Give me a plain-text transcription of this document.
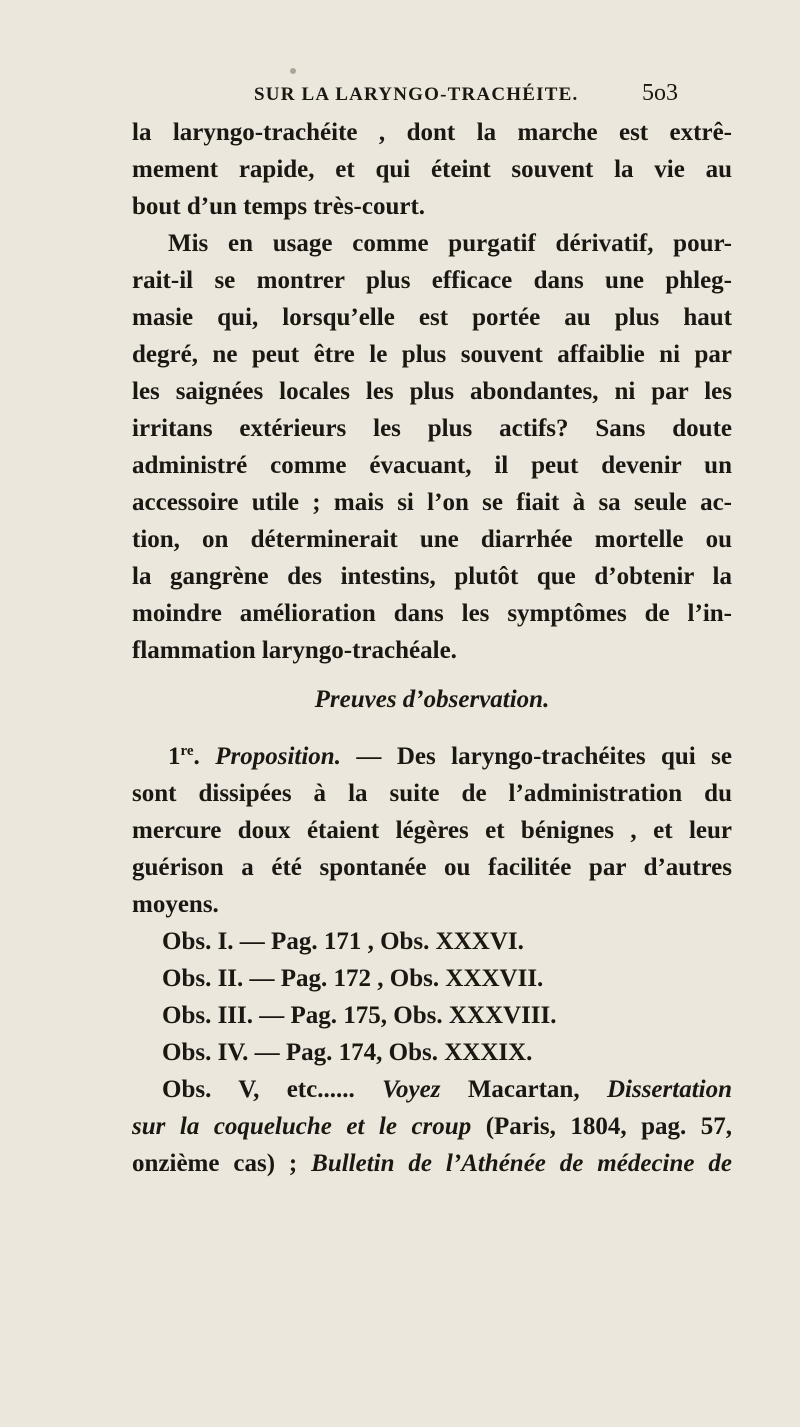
SUR LA LARYNGO-TRACHÉITE.	5o3
la laryngo-trachéite , dont la marche est extrê-
mement rapide, et qui éteint souvent la vie au
bout d’un temps très-court.
Mis en usage comme purgatif dérivatif, pour-
rait-il se montrer plus efficace dans une phleg-
masie qui, lorsqu’elle est portée au plus haut
degré, ne peut être le plus souvent affaiblie ni par
les saignées locales les plus abondantes, ni par les
irritans extérieurs les plus actifs? Sans doute
administré comme évacuant, il peut devenir un
accessoire utile ; mais si l’on se fiait à sa seule ac-
tion, on déterminerait une diarrhée mortelle ou
la gangrène des intestins, plutôt que d’obtenir la
moindre amélioration dans les symptômes de l’in-
flammation laryngo-trachéale.
Preuves d’observation.
1re. Proposition. — Des laryngo-trachéites qui se
sont dissipées à la suite de l’administration du
mercure doux étaient légères et bénignes , et leur
guérison a été spontanée ou facilitée par d’autres
moyens.
Obs. I. — Pag. 171 , Obs. XXXVI.
Obs. II. — Pag. 172 , Obs. XXXVII.
Obs. III. — Pag. 175, Obs. XXXVIII.
Obs. IV. — Pag. 174, Obs. XXXIX.
Obs. V, etc...... Voyez Macartan, Dissertation
sur la coqueluche et le croup (Paris, 1804, pag. 57,
onzième cas) ; Bulletin de l’Athénée de médecine de
